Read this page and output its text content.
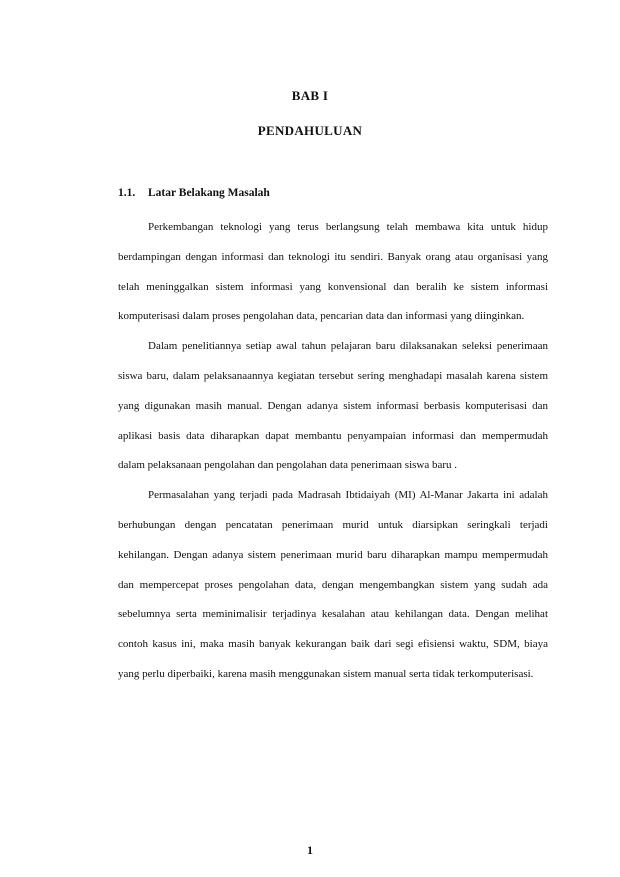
BAB I
PENDAHULUAN
1.1. Latar Belakang Masalah

Perkembangan teknologi yang terus berlangsung telah membawa kita untuk hidup berdampingan dengan informasi dan teknologi itu sendiri. Banyak orang atau organisasi yang telah meninggalkan sistem informasi yang konvensional dan beralih ke sistem informasi komputerisasi dalam proses pengolahan data, pencarian data dan informasi yang diinginkan.

Dalam penelitiannya setiap awal tahun pelajaran baru dilaksanakan seleksi penerimaan siswa baru, dalam pelaksanaannya kegiatan tersebut sering menghadapi masalah karena sistem yang digunakan masih manual. Dengan adanya sistem informasi berbasis komputerisasi dan aplikasi basis data diharapkan dapat membantu penyampaian informasi dan mempermudah dalam pelaksanaan pengolahan dan pengolahan data penerimaan siswa baru .

Permasalahan yang terjadi pada Madrasah Ibtidaiyah (MI) Al-Manar Jakarta ini adalah berhubungan dengan pencatatan penerimaan murid untuk diarsipkan seringkali terjadi kehilangan. Dengan adanya sistem penerimaan murid baru diharapkan mampu mempermudah dan mempercepat proses pengolahan data, dengan mengembangkan sistem yang sudah ada sebelumnya serta meminimalisir terjadinya kesalahan atau kehilangan data. Dengan melihat contoh kasus ini, maka masih banyak kekurangan baik dari segi efisiensi waktu, SDM, biaya yang perlu diperbaiki, karena masih menggunakan sistem manual serta tidak terkomputerisasi.

1
